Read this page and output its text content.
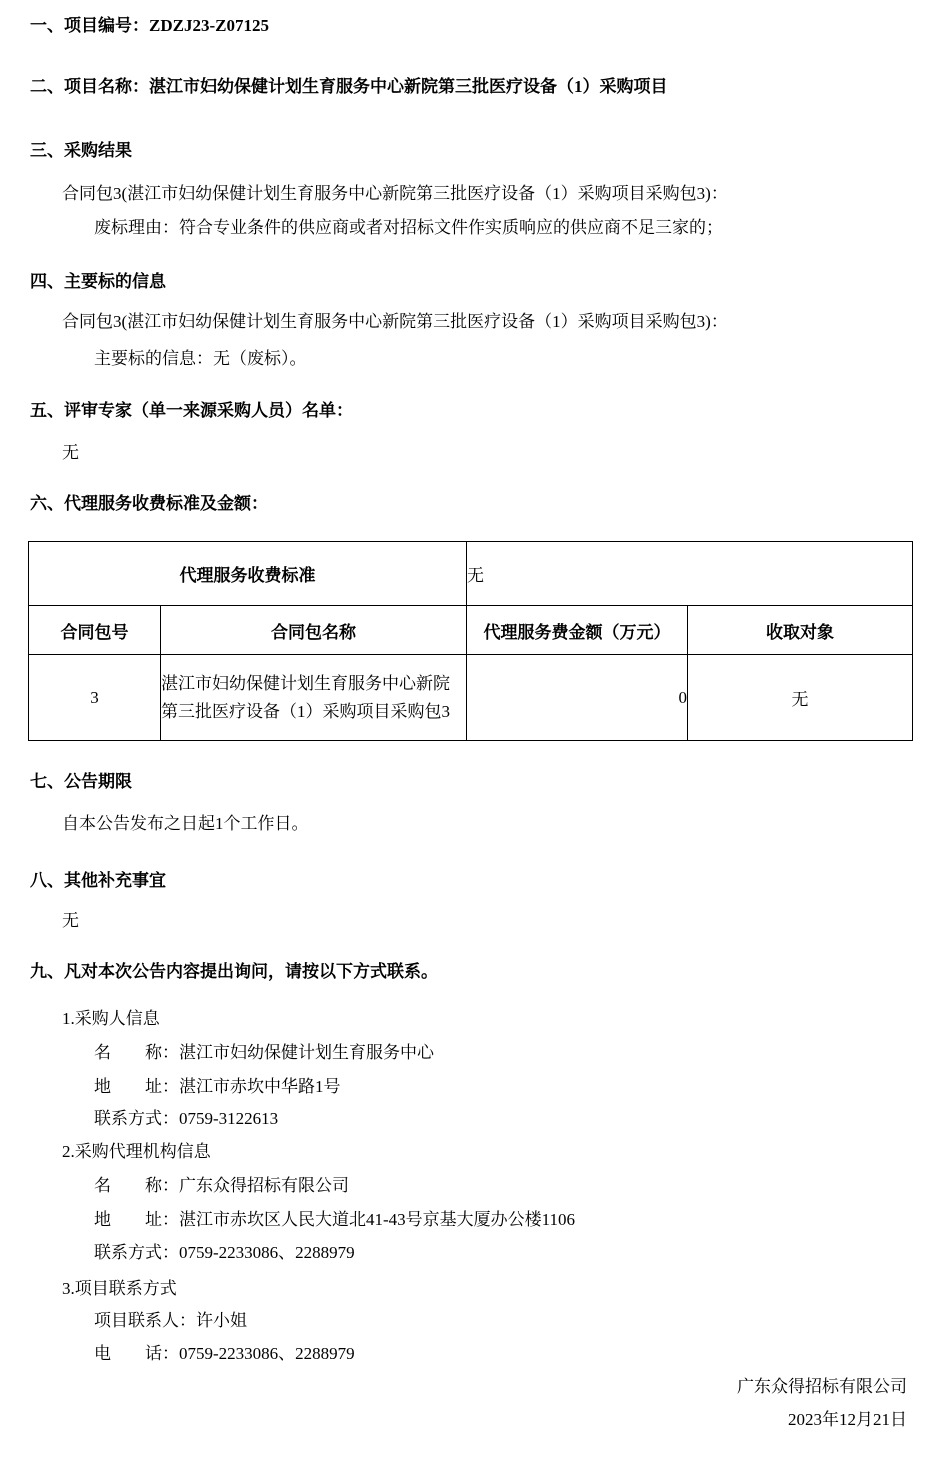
一、项目编号：ZDZJ23-Z07125
二、项目名称：湛江市妇幼保健计划生育服务中心新院第三批医疗设备（1）采购项目
三、采购结果
合同包3(湛江市妇幼保健计划生育服务中心新院第三批医疗设备（1）采购项目采购包3)：
废标理由：符合专业条件的供应商或者对招标文件作实质响应的供应商不足三家的；
四、主要标的信息
合同包3(湛江市妇幼保健计划生育服务中心新院第三批医疗设备（1）采购项目采购包3)：
主要标的信息：无（废标）。
五、评审专家（单一来源采购人员）名单：
无
六、代理服务收费标准及金额：
代理服务收费标准		无	
合同包号	合同包名称	代理服务费金额（万元）	收取对象
3	湛江市妇幼保健计划生育服务中心新院第三批医疗设备（1）采购项目采购包3	0	无
七、公告期限
自本公告发布之日起1个工作日。
八、其他补充事宜
无
九、凡对本次公告内容提出询问，请按以下方式联系。
1.采购人信息
名　　称：湛江市妇幼保健计划生育服务中心
地　　址：湛江市赤坎中华路1号
联系方式：0759-3122613
2.采购代理机构信息
名　　称：广东众得招标有限公司
地　　址：湛江市赤坎区人民大道北41-43号京基大厦办公楼1106
联系方式：0759-2233086、2288979
3.项目联系方式
项目联系人：许小姐
电　　话：0759-2233086、2288979
广东众得招标有限公司
2023年12月21日
